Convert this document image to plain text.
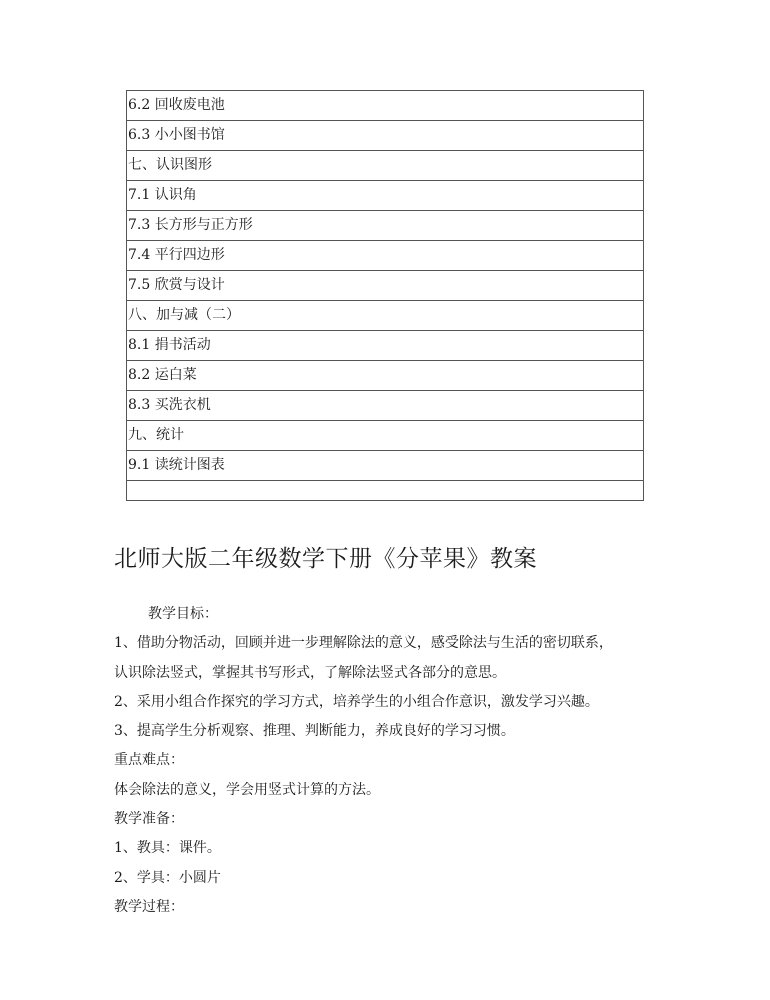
6.2 回收废电池
6.3 小小图书馆
七、认识图形
7.1 认识角
7.3 长方形与正方形
7.4 平行四边形
7.5 欣赏与设计
八、加与减（二）
8.1 捐书活动
8.2 运白菜
8.3 买洗衣机
九、统计
9.1 读统计图表

北师大版二年级数学下册《分苹果》教案

教学目标：

1、借助分物活动，回顾并进一步理解除法的意义，感受除法与生活的密切联系，

认识除法竖式，掌握其书写形式，了解除法竖式各部分的意思。

2、采用小组合作探究的学习方式，培养学生的小组合作意识，激发学习兴趣。

3、提高学生分析观察、推理、判断能力，养成良好的学习习惯。

重点难点：

体会除法的意义，学会用竖式计算的方法。

教学准备：

1、教具：课件。

2、学具：小圆片

教学过程：
